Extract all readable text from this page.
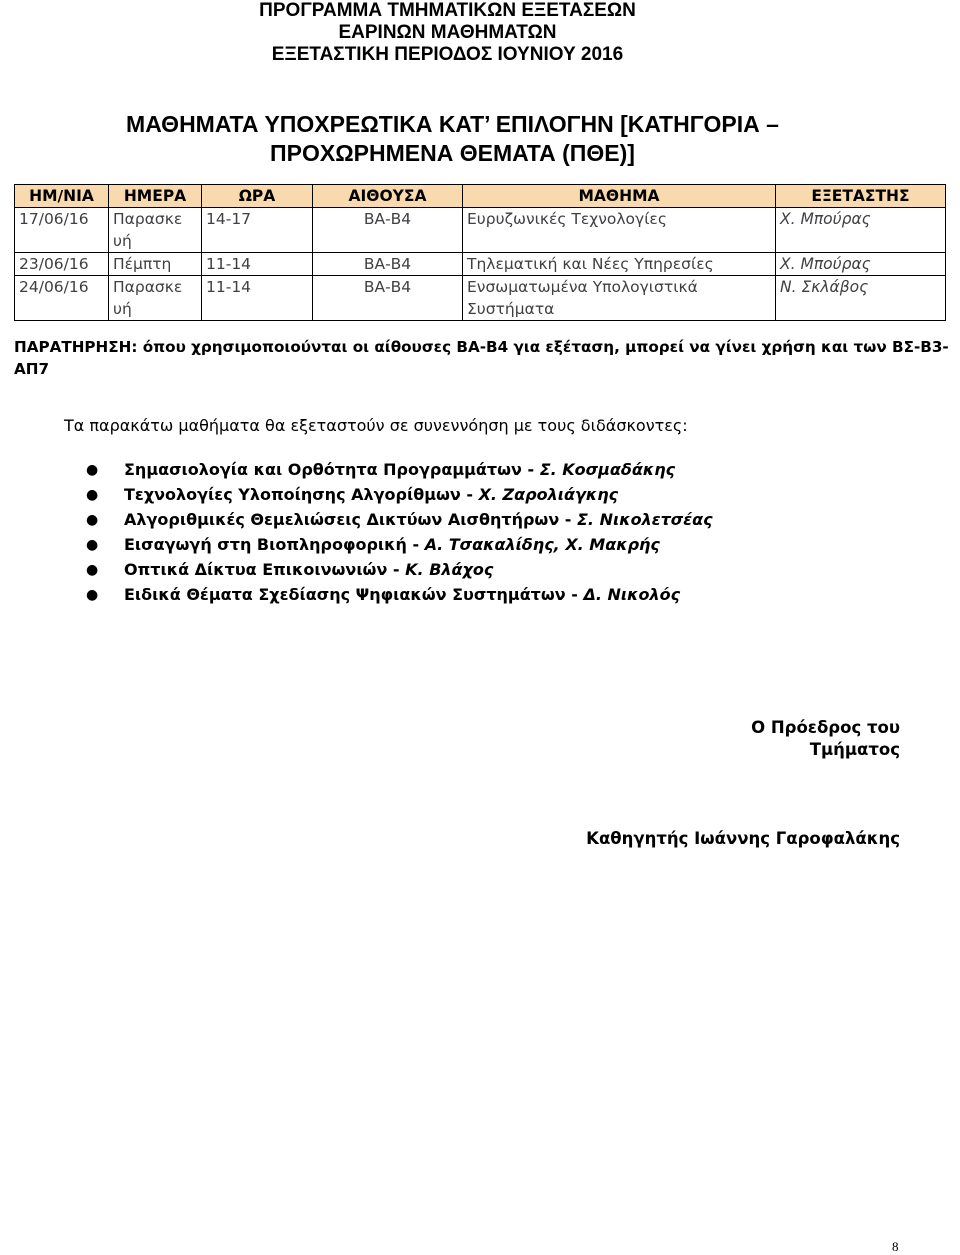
ΠΡΟΓΡΑΜΜΑ ΤΜΗΜΑΤΙΚΩΝ ΕΞΕΤΑΣΕΩΝ
ΕΑΡΙΝΩΝ ΜΑΘΗΜΑΤΩΝ
ΕΞΕΤΑΣΤΙΚΗ ΠΕΡΙΟΔΟΣ ΙΟΥΝΙΟΥ 2016
ΜΑΘΗΜΑΤΑ ΥΠΟΧΡΕΩΤΙΚΑ ΚΑΤ’ ΕΠΙΛΟΓΗΝ [ΚΑΤΗΓΟΡΙΑ –
ΠΡΟΧΩΡΗΜΕΝΑ ΘΕΜΑΤΑ (ΠΘΕ)]
ΗΜ/ΝΙΑ	ΗΜΕΡΑ	ΩΡΑ	ΑΙΘΟΥΣΑ	ΜΑΘΗΜΑ	ΕΞΕΤΑΣΤΗΣ
17/06/16	Παρασκε υή	14-17	ΒΑ-Β4	Ευρυζωνικές Τεχνολογίες	Χ. Μπούρας
23/06/16	Πέμπτη	11-14	ΒΑ-Β4	Τηλεματική και Νέες Υπηρεσίες	Χ. Μπούρας
24/06/16	Παρασκε υή	11-14	ΒΑ-Β4	Ενσωματωμένα Υπολογιστικά Συστήματα	Ν. Σκλάβος
ΠΑΡΑΤΗΡΗΣΗ: όπου χρησιμοποιούνται οι αίθουσες ΒΑ-Β4 για εξέταση, μπορεί να γίνει χρήση και των ΒΣ-Β3-ΑΠ7
Τα παρακάτω μαθήματα θα εξεταστούν σε συνεννόηση με τους διδάσκοντες:
● Σημασιολογία και Ορθότητα Προγραμμάτων - Σ. Κοσμαδάκης
● Τεχνολογίες Υλοποίησης Αλγορίθμων - Χ. Ζαρολιάγκης
● Αλγοριθμικές Θεμελιώσεις Δικτύων Αισθητήρων - Σ. Νικολετσέας
● Εισαγωγή στη Βιοπληροφορική - Α. Τσακαλίδης, Χ. Μακρής
● Οπτικά Δίκτυα Επικοινωνιών - Κ. Βλάχος
● Ειδικά Θέματα Σχεδίασης Ψηφιακών Συστημάτων - Δ. Νικολός
Ο Πρόεδρος του
Τμήματος
Καθηγητής Ιωάννης Γαροφαλάκης
8
